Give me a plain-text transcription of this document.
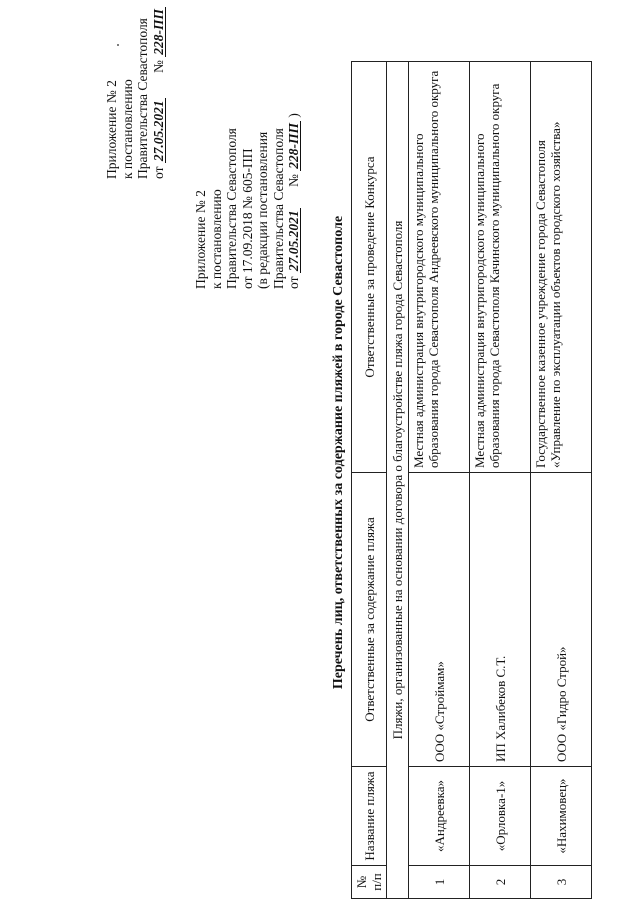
Приложение № 2 к постановлению Правительства Севастополя от 27.05.2021 № 228-ПП
Приложение № 2 к постановлению Правительства Севастополя от 17.09.2018 № 605-ПП (в редакции постановления Правительства Севастополя от 27.05.2021 № 228-ПП )
Перечень лиц, ответственных за содержание пляжей в городе Севастополе
№ п/п	Название пляжа	Ответственные за содержание пляжа	Ответственные за проведение Конкурса
Пляжи, организованные на основании договора о благоустройстве пляжа города Севастополя			
1	«Андреевка»	ООО «Строймам»	Местная администрация внутригородского муниципального образования города Севастополя Андреевского муниципального округа
2	«Орловка-1»	ИП Халибеков С.Т.	Местная администрация внутригородского муниципального образования города Севастополя Качинского муниципального округа
3	«Нахимовец»	ООО «Гидро Строй»	Государственное казенное учреждение города Севастополя «Управление по эксплуатации объектов городского хозяйства»
